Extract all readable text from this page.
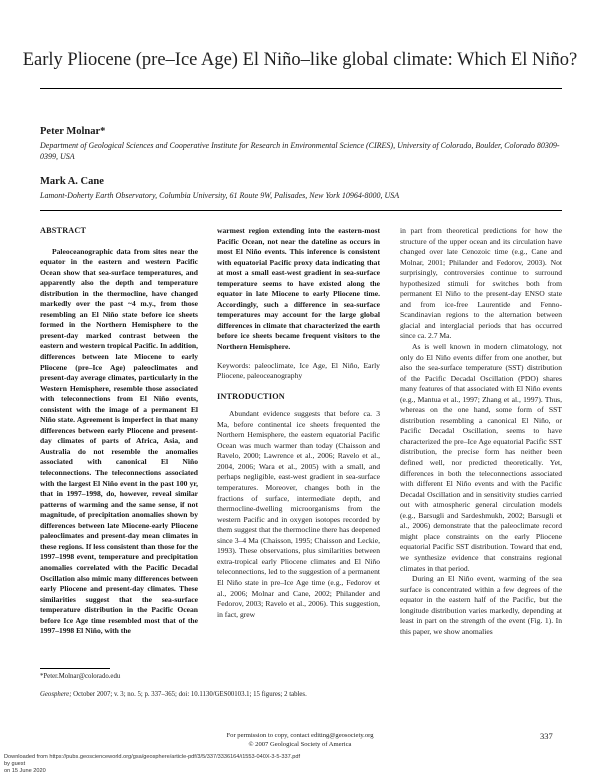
Early Pliocene (pre–Ice Age) El Niño–like global climate: Which El Niño?
Peter Molnar*
Department of Geological Sciences and Cooperative Institute for Research in Environmental Science (CIRES), University of Colorado, Boulder, Colorado 80309-0399, USA
Mark A. Cane
Lamont-Doherty Earth Observatory, Columbia University, 61 Route 9W, Palisades, New York 10964-8000, USA
ABSTRACT

Paleoceanographic data from sites near the equator in the eastern and western Pacific Ocean show that sea-surface temperatures, and apparently also the depth and temperature distribution in the thermocline, have changed markedly over the past ~4 m.y., from those resembling an El Niño state before ice sheets formed in the Northern Hemisphere to the present-day marked contrast between the eastern and western tropical Pacific. In addition, differences between late Miocene to early Pliocene (pre–Ice Age) paleoclimates and present-day average climates, particularly in the Western Hemisphere, resemble those associated with teleconnections from El Niño events, consistent with the image of a permanent El Niño state. Agreement is imperfect in that many differences between early Pliocene and present-day climates of parts of Africa, Asia, and Australia do not resemble the anomalies associated with canonical El Niño teleconnections. The teleconnections associated with the largest El Niño event in the past 100 yr, that in 1997–1998, do, however, reveal similar patterns of warming and the same sense, if not magnitude, of precipitation anomalies shown by differences between late Miocene-early Pliocene paleoclimates and present-day mean climates in these regions. If less consistent than those for the 1997–1998 event, temperature and precipitation anomalies correlated with the Pacific Decadal Oscillation also mimic many differences between early Pliocene and present-day climates. These similarities suggest that the sea-surface temperature distribution in the Pacific Ocean before Ice Age time resembled most that of the 1997–1998 El Niño, with the

warmest region extending into the eastern-most Pacific Ocean, not near the dateline as occurs in most El Niño events. This inference is consistent with equatorial Pacific proxy data indicating that at most a small east-west gradient in sea-surface temperature seems to have existed along the equator in late Miocene to early Pliocene time. Accordingly, such a difference in sea-surface temperatures may account for the large global differences in climate that characterized the earth before ice sheets became frequent visitors to the Northern Hemisphere.

Keywords: paleoclimate, Ice Age, El Niño, Early Pliocene, paleoceanography

INTRODUCTION

Abundant evidence suggests that before ca. 3 Ma, before continental ice sheets frequented the Northern Hemisphere, the eastern equatorial Pacific Ocean was much warmer than today (Chaisson and Ravelo, 2000; Lawrence et al., 2006; Ravelo et al., 2004, 2006; Wara et al., 2005) with a small, and perhaps negligible, east-west gradient in sea-surface temperatures. Moreover, changes both in the fractions of surface, intermediate depth, and thermocline-dwelling microorganisms from the western Pacific and in oxygen isotopes recorded by them suggest that the thermocline there has deepened since 3–4 Ma (Chaisson, 1995; Chaisson and Leckie, 1993). These observations, plus similarities between extra-tropical early Pliocene climates and El Niño teleconnections, led to the suggestion of a permanent El Niño state in pre–Ice Age time (e.g., Fedorov et al., 2006; Molnar and Cane, 2002; Philander and Fedorov, 2003; Ravelo et al., 2006). This suggestion, in fact, grew

in part from theoretical predictions for how the structure of the upper ocean and its circulation have changed over late Cenozoic time (e.g., Cane and Molnar, 2001; Philander and Fedorov, 2003). Not surprisingly, controversies continue to surround hypothesized stimuli for switches both from permanent El Niño to the present-day ENSO state and from ice-free Laurentide and Fenno-Scandinavian regions to the alternation between glacial and interglacial periods that has occurred since ca. 2.7 Ma.

As is well known in modern climatology, not only do El Niño events differ from one another, but also the sea-surface temperature (SST) distribution of the Pacific Decadal Oscillation (PDO) shares many features of that associated with El Niño events (e.g., Mantua et al., 1997; Zhang et al., 1997). Thus, whereas on the one hand, some form of SST distribution resembling a canonical El Niño, or Pacific Decadal Oscillation, seems to have characterized the pre–Ice Age equatorial Pacific SST distribution, the precise form has neither been defined well, nor predicted theoretically. Yet, differences in both the teleconnections associated with different El Niño events and with the Pacific Decadal Oscillation and in sensitivity studies carried out with atmospheric general circulation models (e.g., Barsugli and Sardeshmukh, 2002; Barsugli et al., 2006) demonstrate that the paleoclimate record might place constraints on the early Pliocene equatorial Pacific SST distribution. Toward that end, we synthesize evidence that constrains regional climates in that period.

During an El Niño event, warming of the sea surface is concentrated within a few degrees of the equator in the eastern half of the Pacific, but the longitude distribution varies markedly, depending at least in part on the strength of the event (Fig. 1). In this paper, we show anomalies

*Peter.Molnar@colorado.edu
Geosphere; October 2007; v. 3; no. 5; p. 337–365; doi: 10.1130/GES00103.1; 15 figures; 2 tables.
For permission to copy, contact editing@geosociety.org
© 2007 Geological Society of America
337
Downloaded from https://pubs.geoscienceworld.org/gsa/geosphere/article-pdf/3/5/337/3336164/i1553-040X-3-5-337.pdf
by guest
on 15 June 2020
